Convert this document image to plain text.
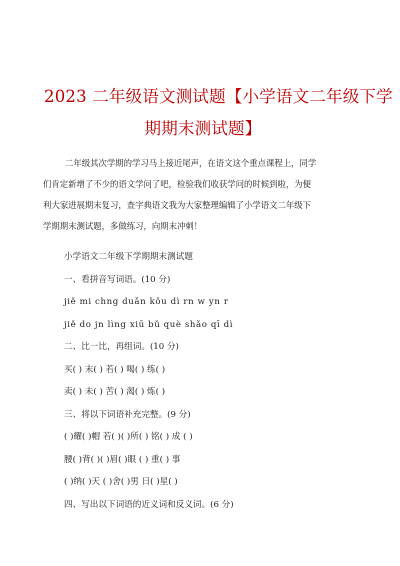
2023 二年级语文测试题【小学语文二年级下学
期期末测试题】
二年级其次学期的学习马上接近尾声，在语文这个重点课程上，同学
们肯定新增了不少的语文学问了吧，检验我们收获学问的时候到啦，为便
利大家进展期末复习，查字典语文我为大家整理编辑了小学语文二年级下
学期期末测试题，多做练习，向期末冲刺！
小学语文二年级下学期期末测试题
一、看拼音写词语。(10 分)
jiě mi chng duǎn kǒu dì rn w yn r
jiě do jn lìng xiū bǔ què shǎo qī dì
二、比一比，再组词。(10 分)
买( ) 末( ) 若( ) 喝( ) 练( )
卖( ) 未( ) 苦( ) 渴( ) 炼( )
三、将以下词语补充完整。(9 分)
( )耀( )帽 若( )( )所( ) 铭( ) 成 ( )
腰( )背( )( )眉( )眼 ( ) 重( ) 事
( )纳( )天 ( )舍( )男 日( )星( )
四、写出以下词语的近义词和反义词。(6 分)
